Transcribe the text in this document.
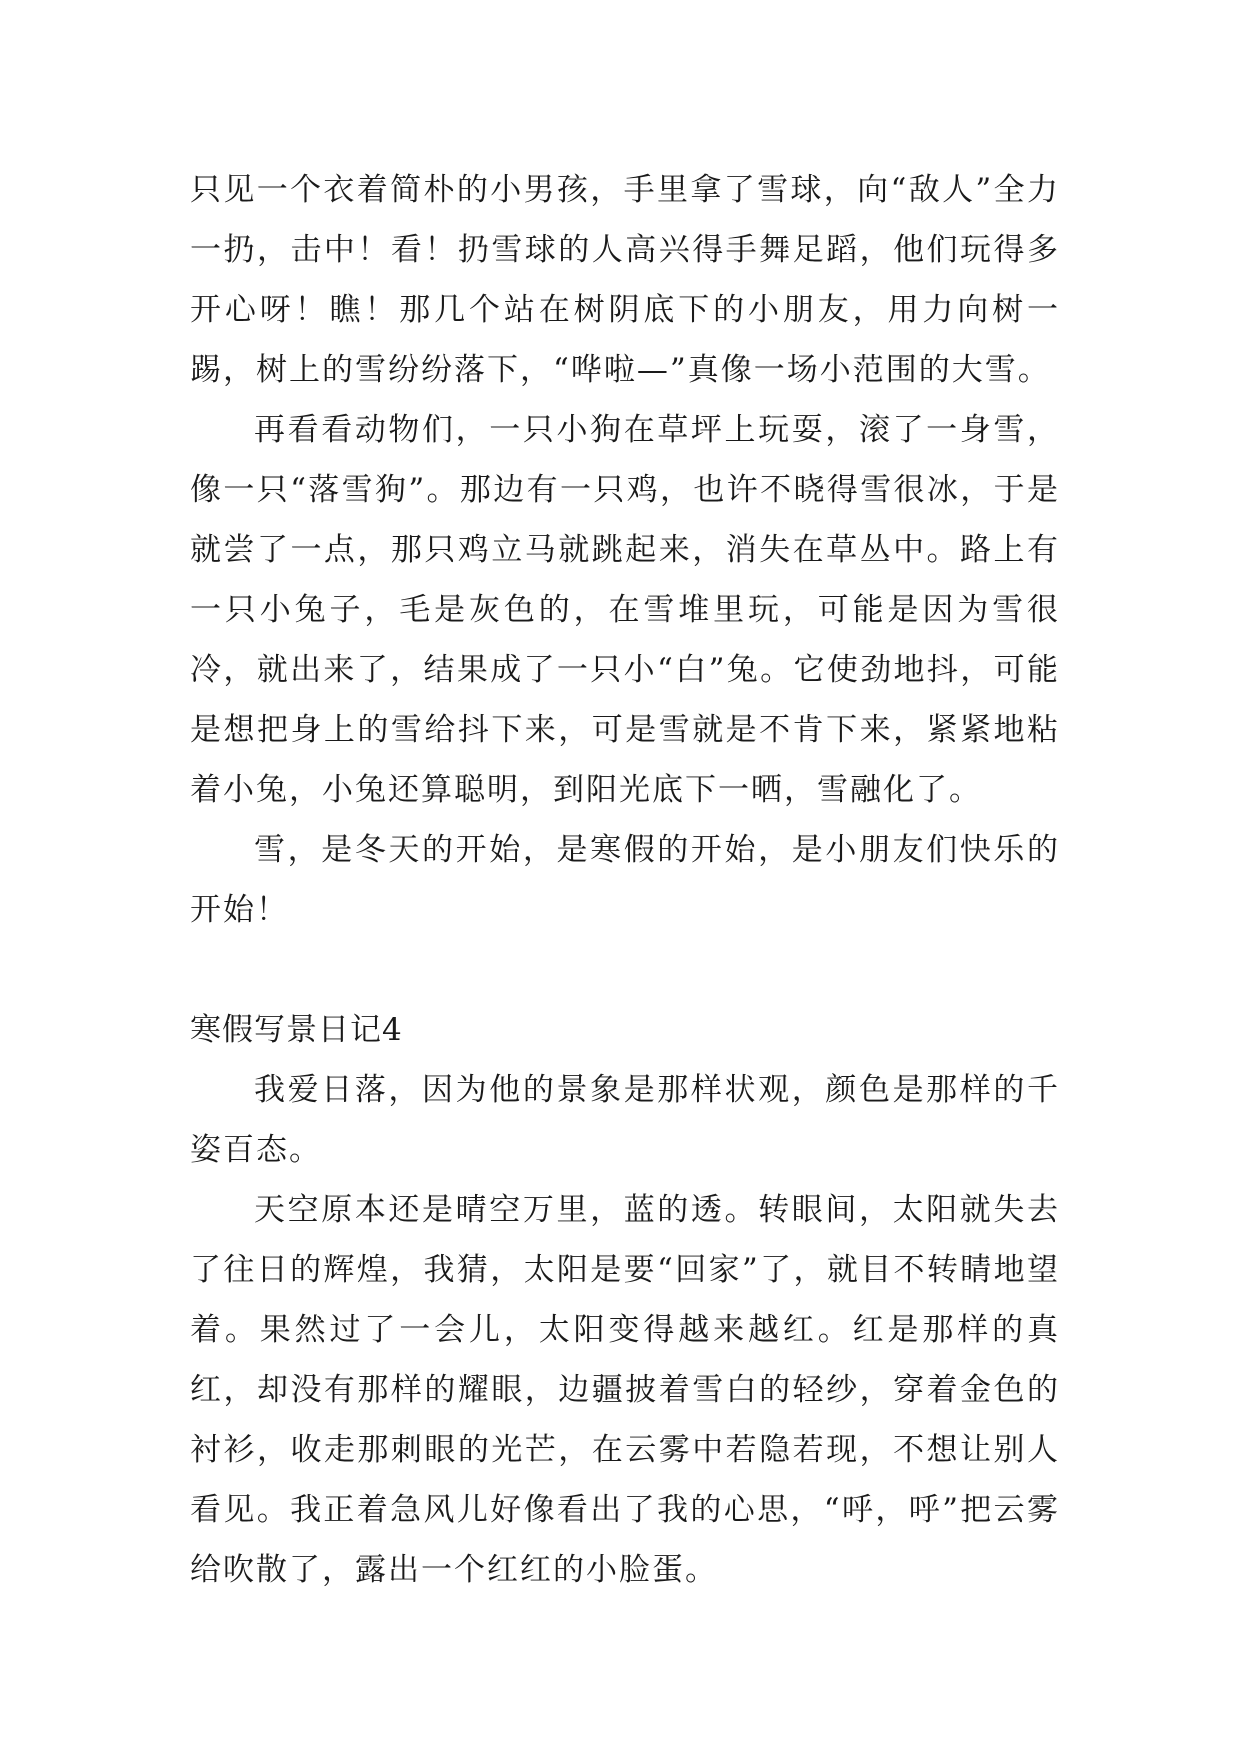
只见一个衣着简朴的小男孩，手里拿了雪球，向“敌人”全力一扔，击中！看！扔雪球的人高兴得手舞足蹈，他们玩得多开心呀！瞧！那几个站在树阴底下的小朋友，用力向树一踢，树上的雪纷纷落下，“哗啦—”真像一场小范围的大雪。

再看看动物们，一只小狗在草坪上玩耍，滚了一身雪，像一只“落雪狗”。那边有一只鸡，也许不晓得雪很冰，于是就尝了一点，那只鸡立马就跳起来，消失在草丛中。路上有一只小兔子，毛是灰色的，在雪堆里玩，可能是因为雪很冷，就出来了，结果成了一只小“白”兔。它使劲地抖，可能是想把身上的雪给抖下来，可是雪就是不肯下来，紧紧地粘着小兔，小兔还算聪明，到阳光底下一晒，雪融化了。

雪，是冬天的开始，是寒假的开始，是小朋友们快乐的开始！

寒假写景日记4

我爱日落，因为他的景象是那样状观，颜色是那样的千姿百态。

天空原本还是晴空万里，蓝的透。转眼间，太阳就失去了往日的辉煌，我猜，太阳是要“回家”了，就目不转睛地望着。果然过了一会儿，太阳变得越来越红。红是那样的真红，却没有那样的耀眼，边疆披着雪白的轻纱，穿着金色的衬衫，收走那刺眼的光芒，在云雾中若隐若现，不想让别人看见。我正着急风儿好像看出了我的心思，“呼，呼”把云雾给吹散了，露出一个红红的小脸蛋。
